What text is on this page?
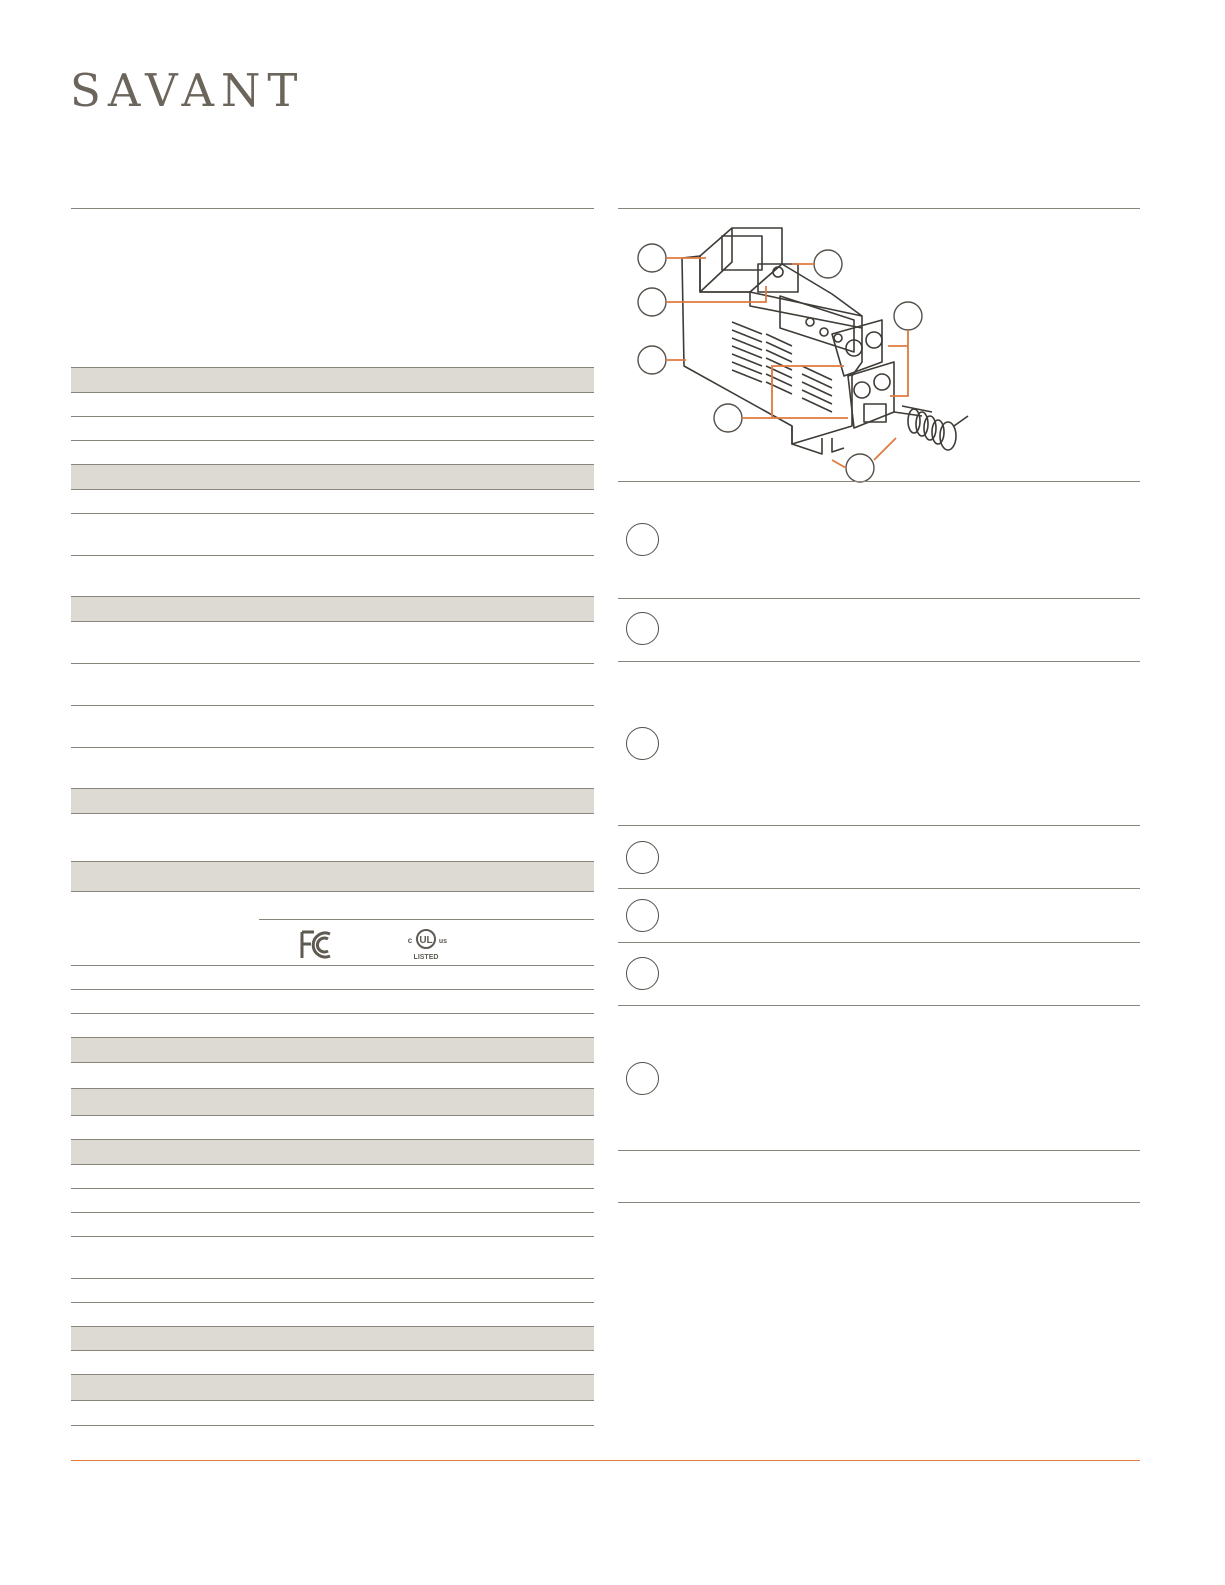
SAVANT
UL
c	us
LISTED
